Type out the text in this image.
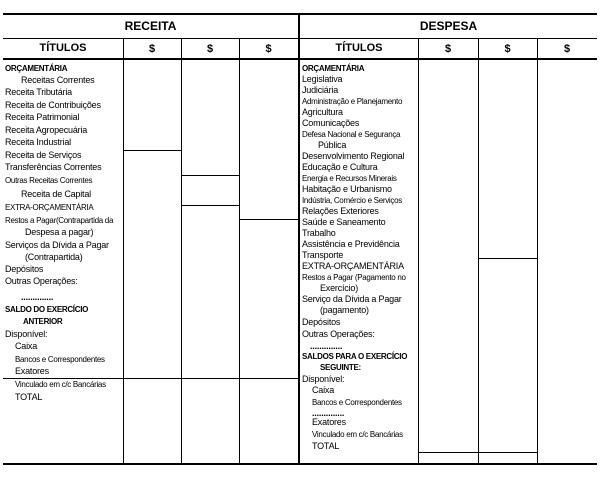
RECEITA	DESPESA
TÍTULOS	$	$	$	TÍTULOS	$	$	$
ORÇAMENTÁRIA
Receitas Correntes
Receita Tributária
Receita de Contribuições
Receita Patrimonial
Receita Agropecuária
Receita Industrial
Receita de Serviços
Transferências Correntes
Outras Receitas Correntes
Receita de Capital
EXTRA-ORÇAMENTÁRIA
Restos a Pagar(Contrapartida da
Despesa a pagar)
Serviços da Dívida a Pagar
(Contrapartida)
Depósitos
Outras Operações:
..............
SALDO DO EXERCÍCIO
ANTERIOR
Disponível:
Caixa
Bancos e Correspondentes
Exatores
Vinculado em c/c Bancárias
TOTAL
ORÇAMENTÁRIA
Legislativa
Judiciária
Administração e Planejamento
Agricultura
Comunicações
Defesa Nacional e Segurança
Pública
Desenvolvimento Regional
Educação e Cultura
Energia e Recursos Minerais
Habitação e Urbanismo
Indústria, Comércio e Serviços
Relações Exteriores
Saúde e Saneamento
Trabalho
Assistência e Previdência
Transporte
EXTRA-ORÇAMENTÁRIA
Restos a Pagar (Pagamento no
Exercício)
Serviço da Dívida a Pagar
(pagamento)
Depósitos
Outras Operações:
..............
SALDOS PARA O EXERCÍCIO
SEGUINTE:
Disponível:
Caixa
Bancos e Correspondentes
..............
Exatores
Vinculado em c/c Bancárias
TOTAL
